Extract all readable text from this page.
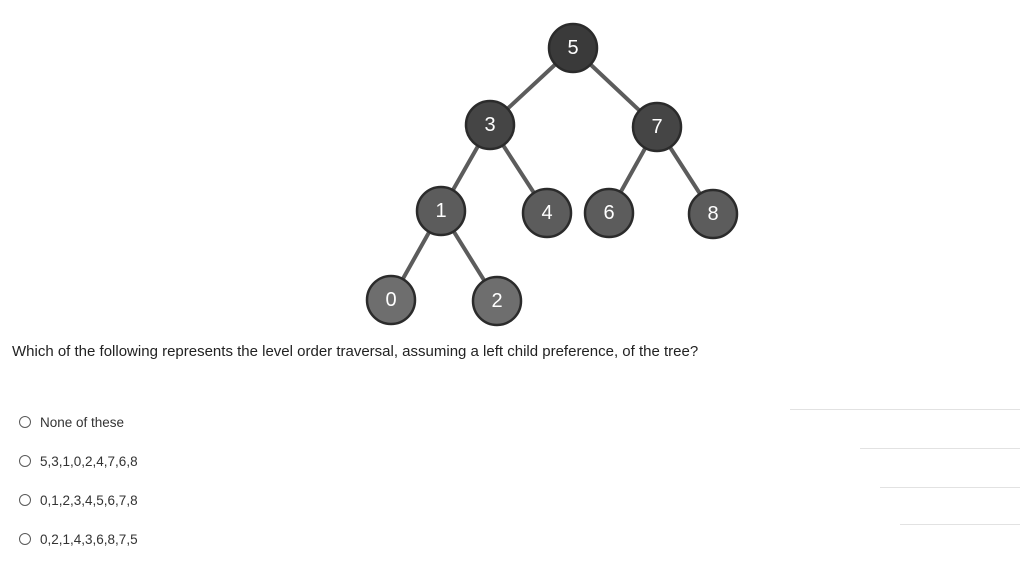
5
3	7
1	4	6	8
0	2
Which of the following represents the level order traversal, assuming a left child preference, of the tree?
None of these
5,3,1,0,2,4,7,6,8
0,1,2,3,4,5,6,7,8
0,2,1,4,3,6,8,7,5
